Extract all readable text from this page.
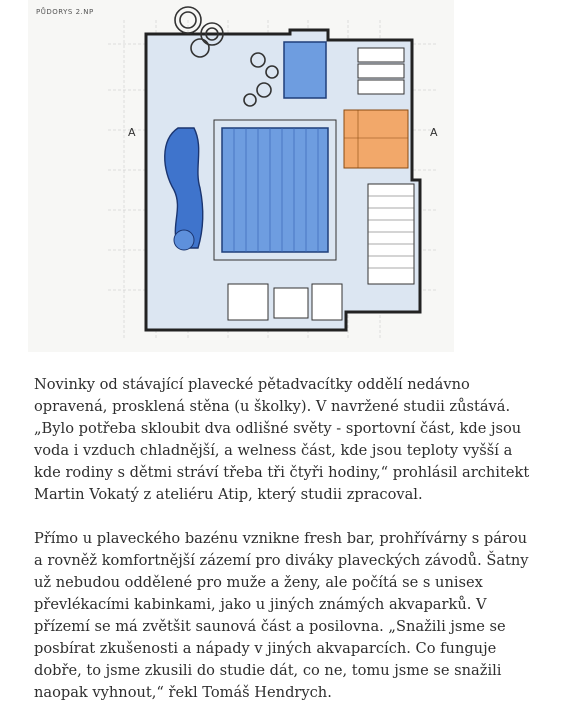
PŮDORYS 2.NP
A	A

Novinky od stávající plavecké pětadvacítky oddělí nedávno opravená, prosklená stěna (u školky). V navržené studii zůstává. „Bylo potřeba skloubit dva odlišné světy - sportovní část, kde jsou voda i vzduch chladnější, a welness část, kde jsou teploty vyšší a kde rodiny s dětmi stráví třeba tři čtyři hodiny,“ prohlásil architekt Martin Vokatý z ateliéru Atip, který studii zpracoval.

Přímo u plaveckého bazénu vznikne fresh bar, prohřívárny s párou a rovněž komfortnější zázemí pro diváky plaveckých závodů. Šatny už nebudou oddělené pro muže a ženy, ale počítá se s unisex převlékacími kabinkami, jako u jiných známých akvaparků. V přízemí se má zvětšit saunová část a posilovna. „Snažili jsme se posbírat zkušenosti a nápady v jiných akvaparcích. Co funguje dobře, to jsme zkusili do studie dát, co ne, tomu jsme se snažili naopak vyhnout,“ řekl Tomáš Hendrych.
